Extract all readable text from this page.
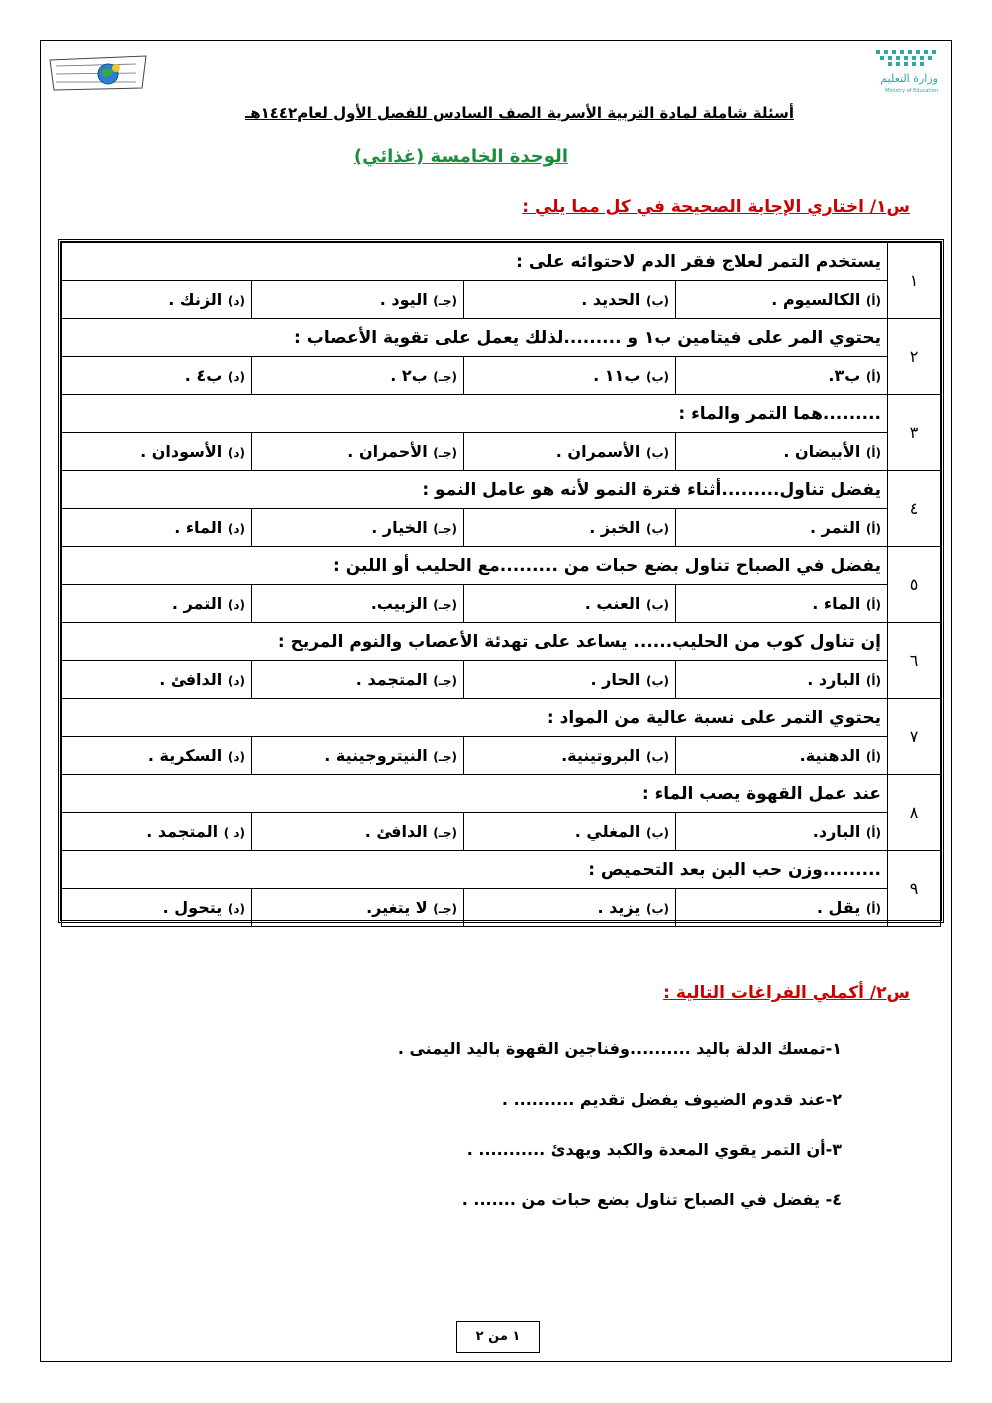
وزارة التعليم
Ministry of Education
أسئلة شاملة لمادة التربية الأسرية الصف السادس للفصل الأول لعام١٤٤٢هـ
الوحدة الخامسة (غذائي)
س١/ اختاري الإجابة الصحيحة في كل مما يلي :
١	يستخدم التمر لعلاج فقر الدم لاحتوائه على :			
	(أ) الكالسيوم .	(ب) الحديد .	(جـ) اليود .	(د) الزنك .
٢	يحتوي المر على فيتامين ب١ و .........لذلك يعمل على تقوية الأعصاب :			
	(أ) ب٣.	(ب) ب١١ .	(جـ) ب٢ .	(د) ب٤ .
٣	.........هما التمر والماء :			
	(أ) الأبيضان .	(ب) الأسمران .	(جـ) الأحمران .	(د) الأسودان .
٤	يفضل تناول.........أثناء فترة النمو لأنه هو عامل النمو :			
	(أ) التمر .	(ب) الخبز .	(جـ) الخيار .	(د) الماء .
٥	يفضل في الصباح تناول بضع حبات من .........مع الحليب أو اللبن :			
	(أ) الماء .	(ب) العنب .	(جـ) الزبيب.	(د) التمر .
٦	إن تناول كوب من الحليب...... يساعد على تهدئة الأعصاب والنوم المريح :			
	(أ) البارد .	(ب) الحار .	(جـ) المتجمد .	(د) الدافئ .
٧	يحتوي التمر على نسبة عالية من المواد :			
	(أ) الدهنية.	(ب) البروتينية.	(جـ) النيتروجينية .	(د) السكرية .
٨	عند عمل القهوة يصب الماء :			
	(أ) البارد.	(ب) المغلي .	(جـ) الدافئ .	(د ) المتجمد .
٩	.........وزن حب البن بعد التحميص :			
	(أ) يقل .	(ب) يزيد .	(جـ) لا يتغير.	(د) يتحول .
س٢/ أكملي الفراغات التالية :
١-تمسك الدلة باليد ..........وفناجين القهوة باليد اليمنى .
٢-عند قدوم الضيوف يفضل تقديم .......... .
٣-أن التمر يقوي المعدة والكبد ويهدئ ........... .
٤- يفضل في الصباح تناول بضع حبات من ....... .
١ من ٢
